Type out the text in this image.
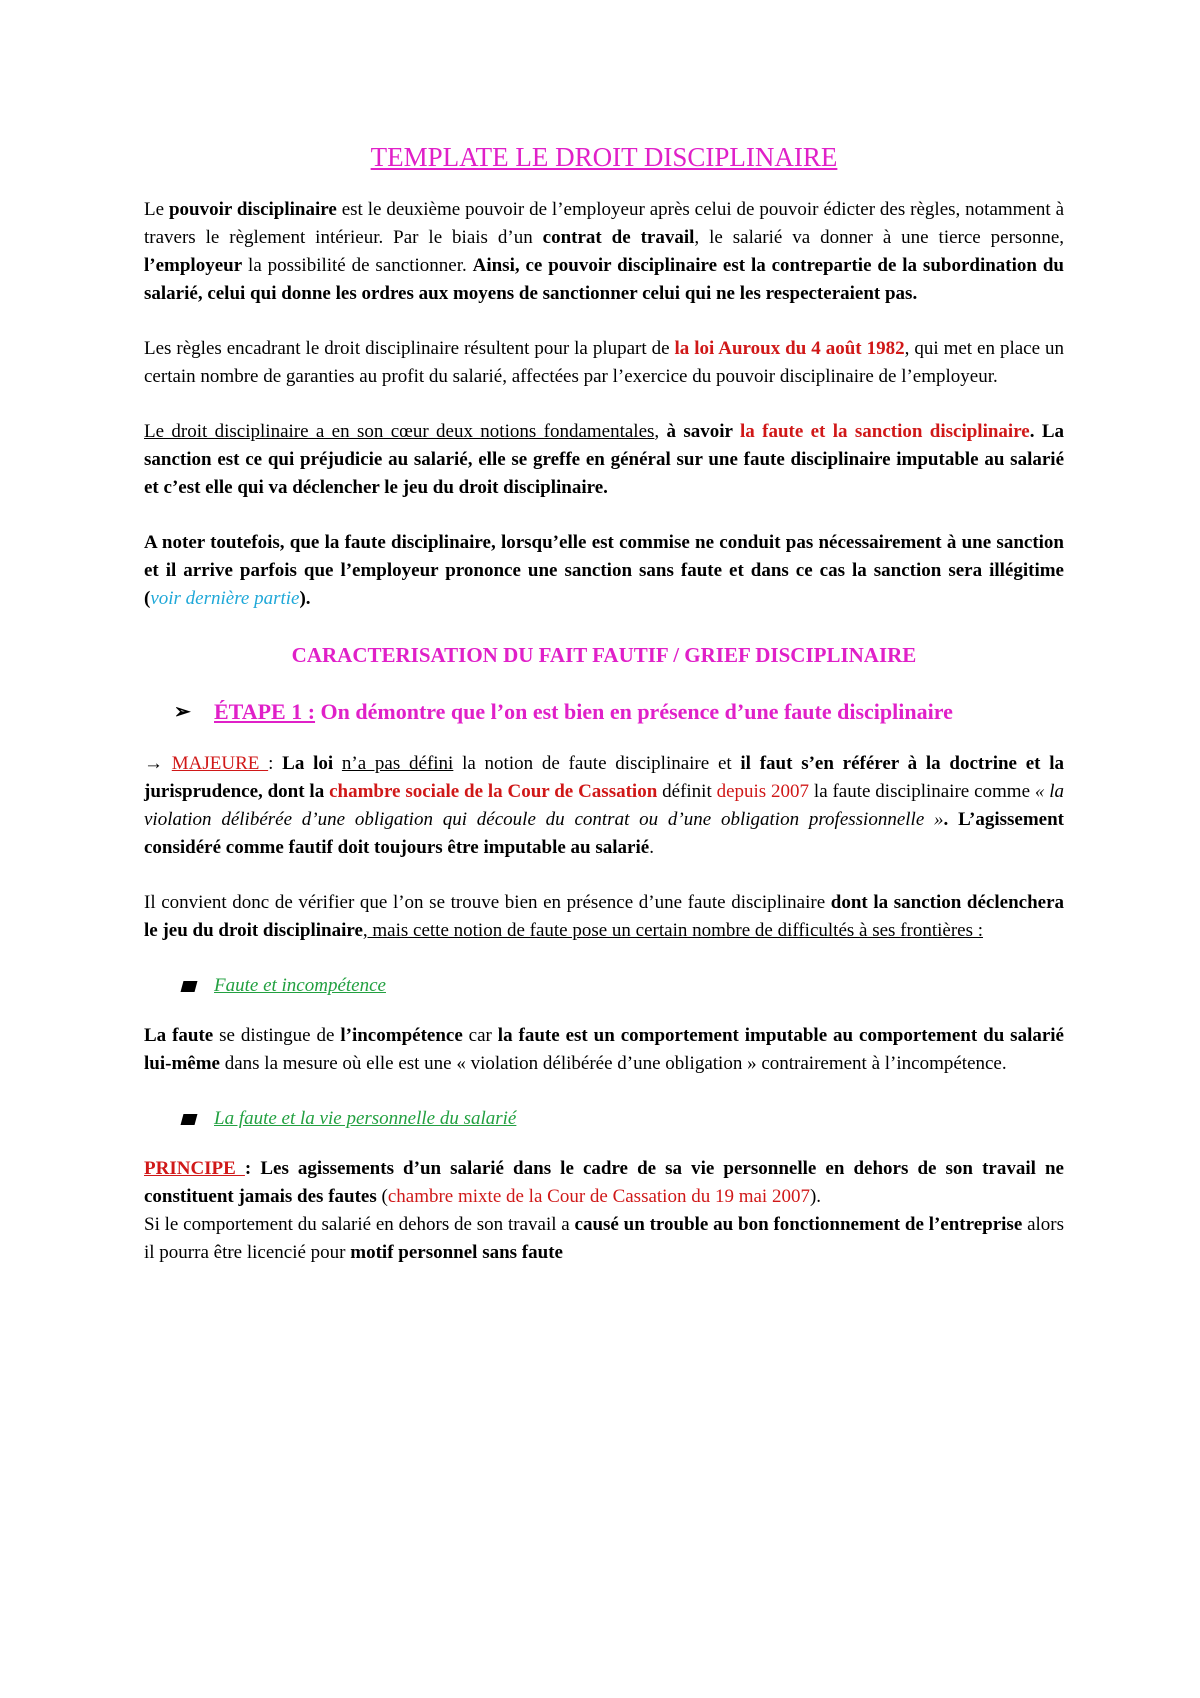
TEMPLATE LE DROIT DISCIPLINAIRE

Le pouvoir disciplinaire est le deuxième pouvoir de l’employeur après celui de pouvoir édicter des règles, notamment à travers le règlement intérieur. Par le biais d’un contrat de travail, le salarié va donner à une tierce personne, l’employeur la possibilité de sanctionner. Ainsi, ce pouvoir disciplinaire est la contrepartie de la subordination du salarié, celui qui donne les ordres aux moyens de sanctionner celui qui ne les respecteraient pas.

Les règles encadrant le droit disciplinaire résultent pour la plupart de la loi Auroux du 4 août 1982, qui met en place un certain nombre de garanties au profit du salarié, affectées par l’exercice du pouvoir disciplinaire de l’employeur.

Le droit disciplinaire a en son cœur deux notions fondamentales, à savoir la faute et la sanction disciplinaire. La sanction est ce qui préjudicie au salarié, elle se greffe en général sur une faute disciplinaire imputable au salarié et c’est elle qui va déclencher le jeu du droit disciplinaire.

A noter toutefois, que la faute disciplinaire, lorsqu’elle est commise ne conduit pas nécessairement à une sanction et il arrive parfois que l’employeur prononce une sanction sans faute et dans ce cas la sanction sera illégitime (voir dernière partie).

CARACTERISATION DU FAIT FAUTIF / GRIEF DISCIPLINAIRE

➢	ÉTAPE 1 : On démontre que l’on est bien en présence d’une faute disciplinaire

→ MAJEURE : La loi n’a pas défini la notion de faute disciplinaire et il faut s’en référer à la doctrine et la jurisprudence, dont la chambre sociale de la Cour de Cassation définit depuis 2007 la faute disciplinaire comme « la violation délibérée d’une obligation qui découle du contrat ou d’une obligation professionnelle ». L’agissement considéré comme fautif doit toujours être imputable au salarié.

Il convient donc de vérifier que l’on se trouve bien en présence d’une faute disciplinaire dont la sanction déclenchera le jeu du droit disciplinaire, mais cette notion de faute pose un certain nombre de difficultés à ses frontières :

Faute et incompétence

La faute se distingue de l’incompétence car la faute est un comportement imputable au comportement du salarié lui-même dans la mesure où elle est une « violation délibérée d’une obligation » contrairement à l’incompétence.

La faute et la vie personnelle du salarié

PRINCIPE : Les agissements d’un salarié dans le cadre de sa vie personnelle en dehors de son travail ne constituent jamais des fautes (chambre mixte de la Cour de Cassation du 19 mai 2007).

Si le comportement du salarié en dehors de son travail a causé un trouble au bon fonctionnement de l’entreprise alors il pourra être licencié pour motif personnel sans faute
